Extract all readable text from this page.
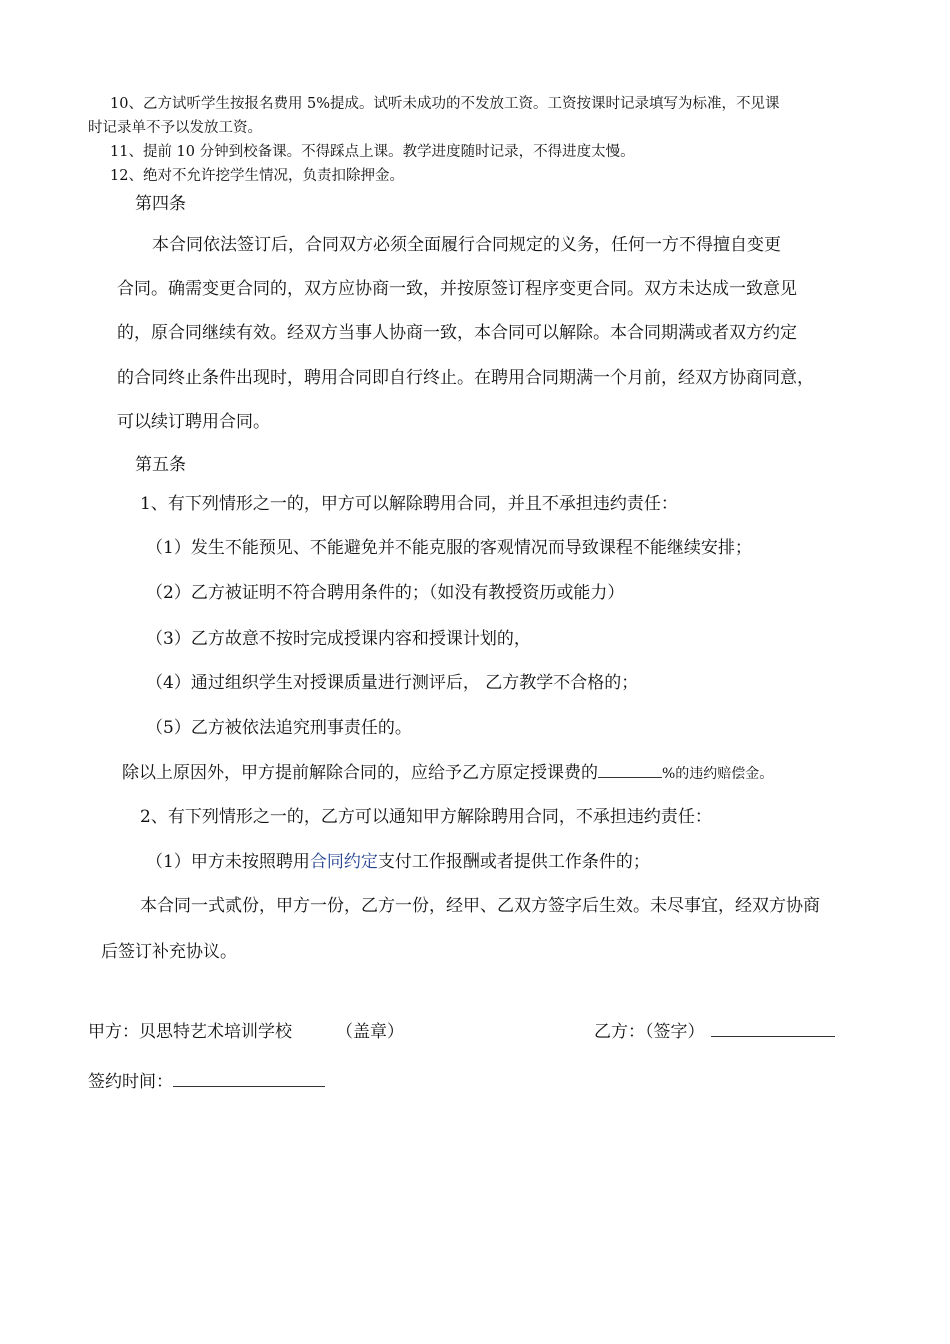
10、乙方试听学生按报名费用 5%提成。试听未成功的不发放工资。工资按课时记录填写为标准，不见课
时记录单不予以发放工资。
11、提前 10 分钟到校备课。不得踩点上课。教学进度随时记录，不得进度太慢。
12、绝对不允许挖学生情况，负责扣除押金。
第四条
本合同依法签订后，合同双方必须全面履行合同规定的义务，任何一方不得擅自变更
合同。确需变更合同的，双方应协商一致，并按原签订程序变更合同。双方未达成一致意见
的，原合同继续有效。经双方当事人协商一致，本合同可以解除。本合同期满或者双方约定
的合同终止条件出现时，聘用合同即自行终止。在聘用合同期满一个月前，经双方协商同意，
可以续订聘用合同。
第五条
1、有下列情形之一的，甲方可以解除聘用合同，并且不承担违约责任：
（1）发生不能预见、不能避免并不能克服的客观情况而导致课程不能继续安排；
（2）乙方被证明不符合聘用条件的；（如没有教授资历或能力）
（3）乙方故意不按时完成授课内容和授课计划的，
（4）通过组织学生对授课质量进行测评后， 乙方教学不合格的；
（5）乙方被依法追究刑事责任的。
除以上原因外，甲方提前解除合同的，应给予乙方原定授课费的	%的违约赔偿金。
2、有下列情形之一的，乙方可以通知甲方解除聘用合同，不承担违约责任：
（1）甲方未按照聘用合同约定支付工作报酬或者提供工作条件的；
本合同一式贰份，甲方一份，乙方一份，经甲、乙双方签字后生效。未尽事宜，经双方协商
后签订补充协议。
甲方：贝思特艺术培训学校	（盖章）	乙方：（签字）
签约时间：
